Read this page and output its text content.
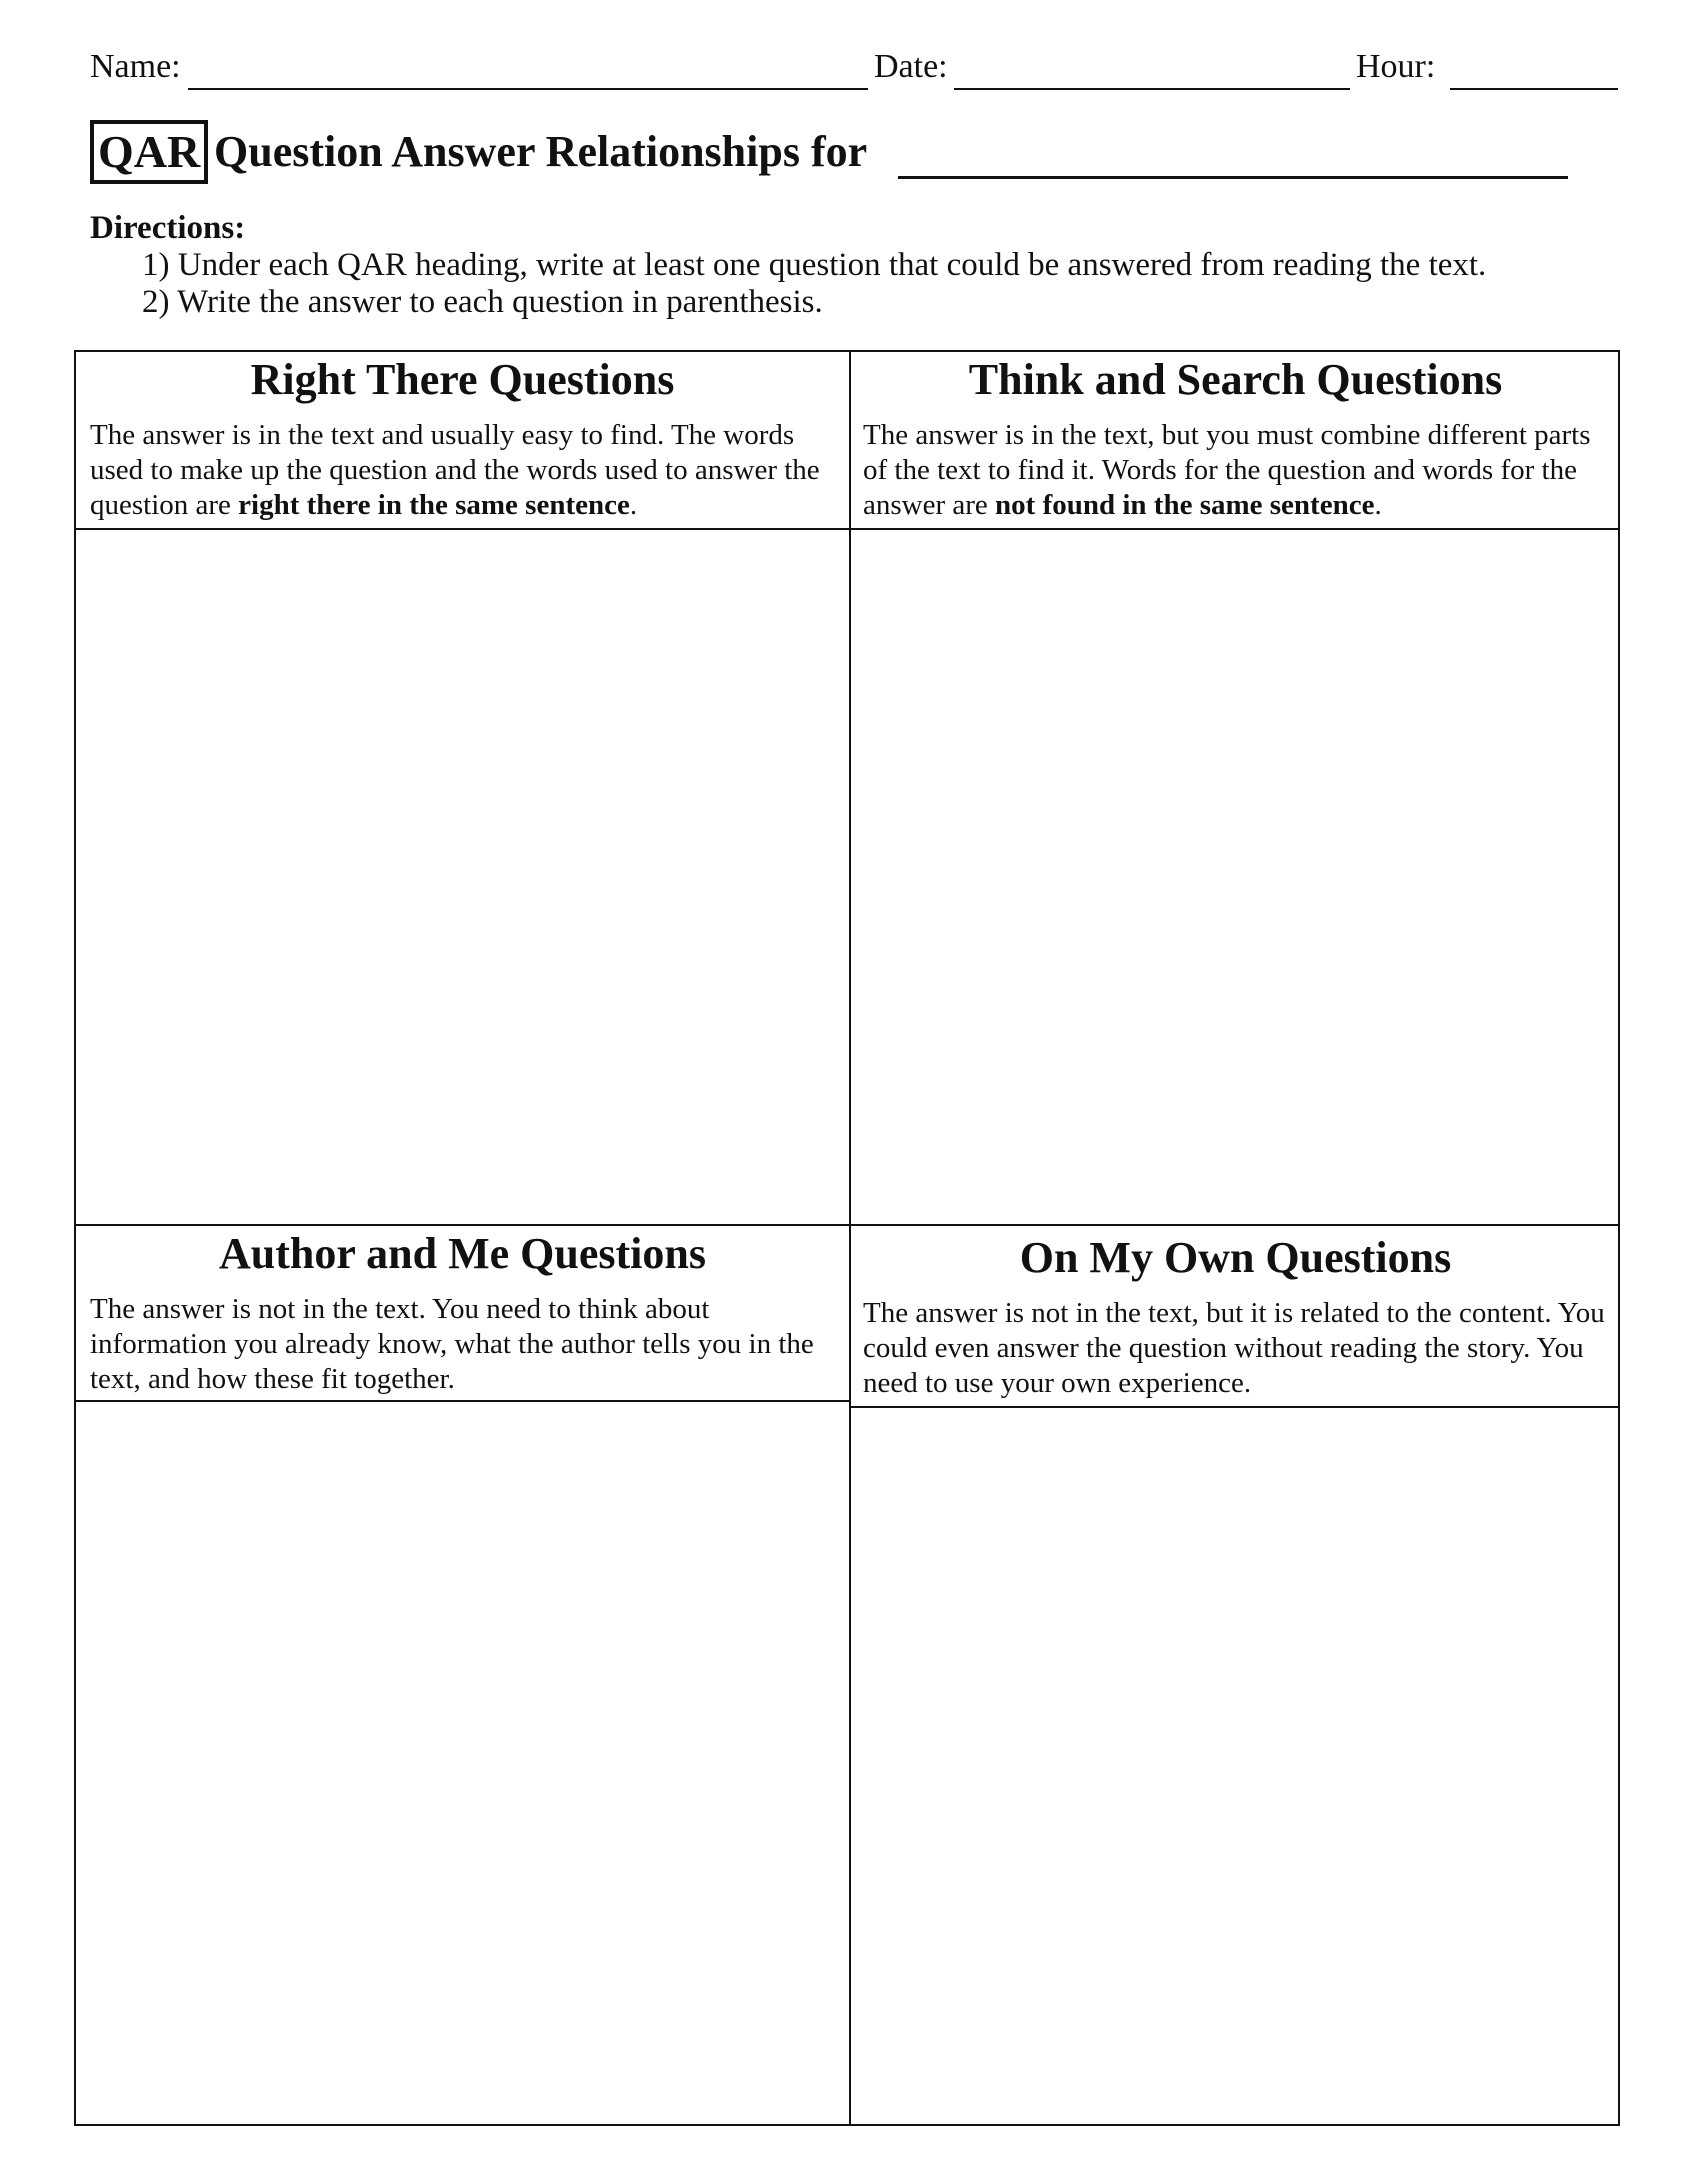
Name:	Date:	Hour:
QAR Question Answer Relationships for
Directions:
1) Under each QAR heading, write at least one question that could be answered from reading the text.
2) Write the answer to each question in parenthesis.
Right There Questions
The answer is in the text and usually easy to find. The words used to make up the question and the words used to answer the question are right there in the same sentence.
Think and Search Questions
The answer is in the text, but you must combine different parts of the text to find it. Words for the question and words for the answer are not found in the same sentence.
Author and Me Questions
The answer is not in the text. You need to think about information you already know, what the author tells you in the text, and how these fit together.
On My Own Questions
The answer is not in the text, but it is related to the content. You could even answer the question without reading the story. You need to use your own experience.
